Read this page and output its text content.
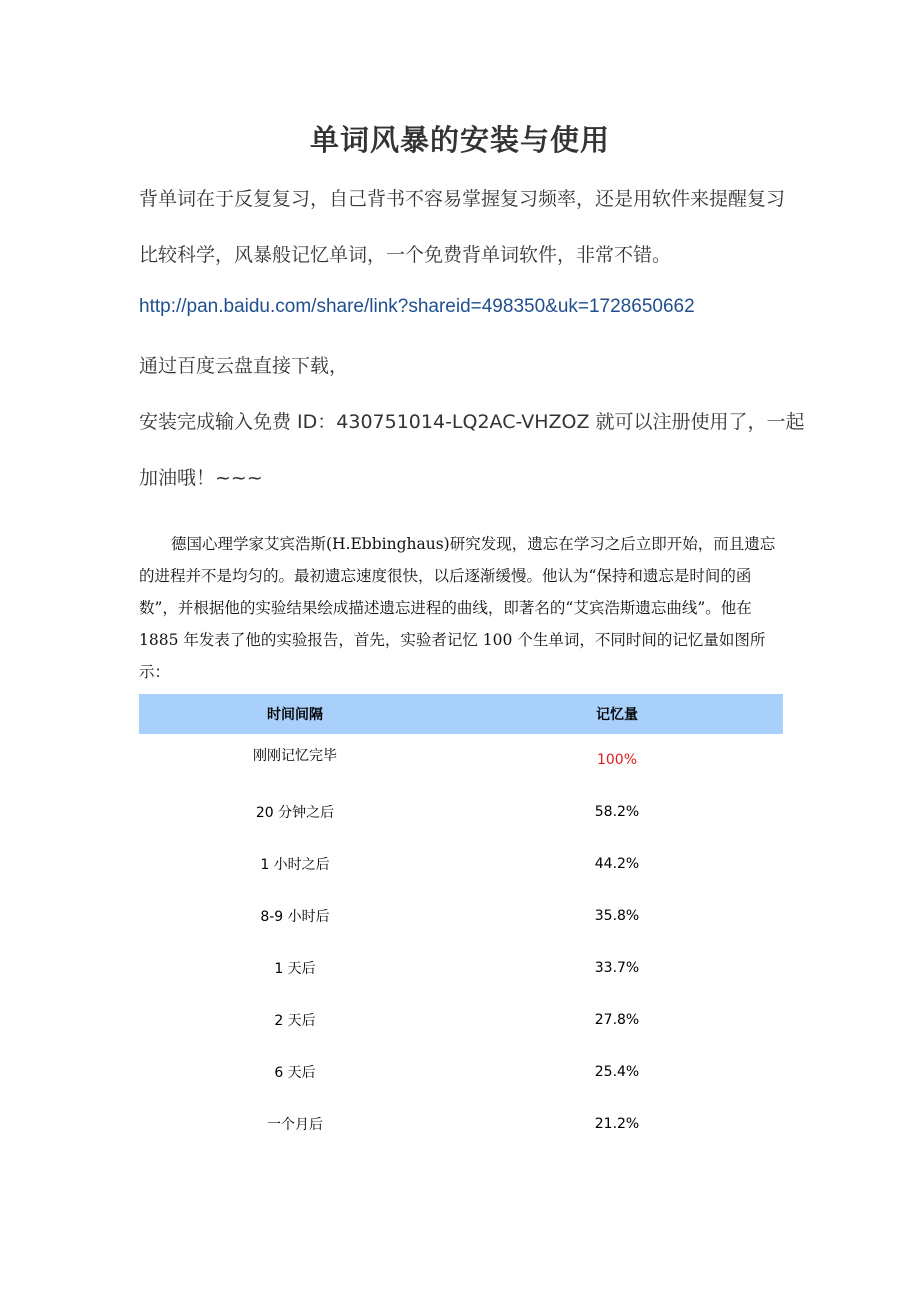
单词风暴的安装与使用
背单词在于反复复习，自己背书不容易掌握复习频率，还是用软件来提醒复习
比较科学，风暴般记忆单词，一个免费背单词软件，非常不错。
http://pan.baidu.com/share/link?shareid=498350&uk=1728650662
通过百度云盘直接下载，
安装完成输入免费 ID：430751014-LQ2AC-VHZOZ 就可以注册使用了，一起
加油哦！~~~
德国心理学家艾宾浩斯(H.Ebbinghaus)研究发现，遗忘在学习之后立即开始，而且遗忘的进程并不是均匀的。最初遗忘速度很快，以后逐渐缓慢。他认为“保持和遗忘是时间的函数”，并根据他的实验结果绘成描述遗忘进程的曲线，即著名的“艾宾浩斯遗忘曲线”。他在 1885 年发表了他的实验报告，首先，实验者记忆 100 个生单词，不同时间的记忆量如图所示：
时间间隔	记忆量
刚刚记忆完毕	100%
20 分钟之后	58.2%
1 小时之后	44.2%
8-9 小时后	35.8%
1 天后	33.7%
2 天后	27.8%
6 天后	25.4%
一个月后	21.2%
